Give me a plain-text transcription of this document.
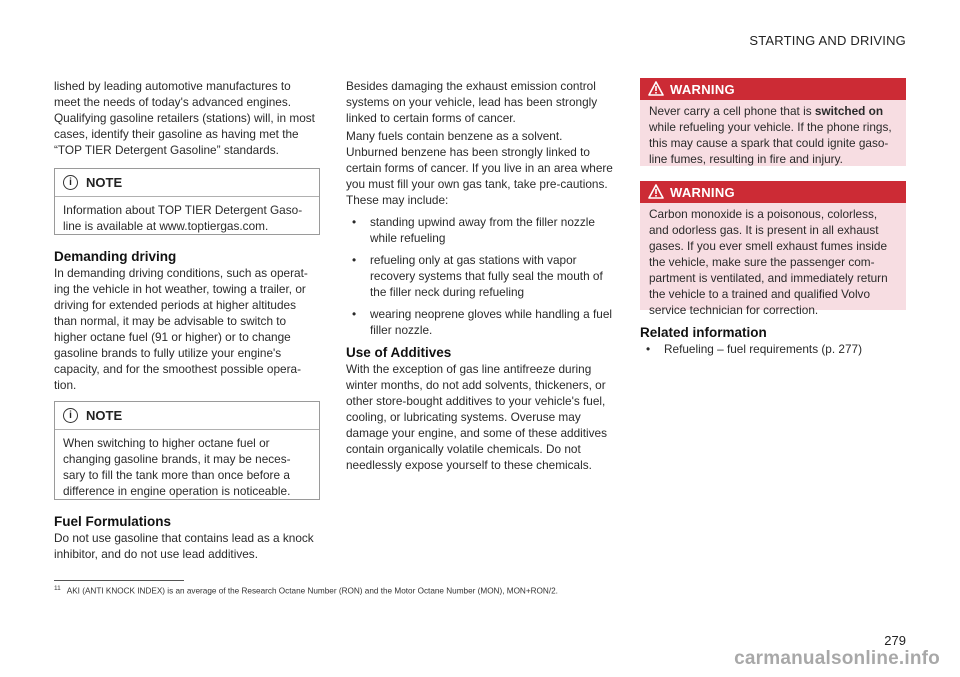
STARTING AND DRIVING

lished by leading automotive manufactures to meet the needs of today's advanced engines. Qualifying gasoline retailers (stations) will, in most cases, identify their gasoline as having met the “TOP TIER Detergent Gasoline” standards.

i	NOTE

Information about TOP TIER Detergent Gaso-line is available at www.toptiergas.com.

Demanding driving

In demanding driving conditions, such as operat-ing the vehicle in hot weather, towing a trailer, or driving for extended periods at higher altitudes than normal, it may be advisable to switch to higher octane fuel (91 or higher) or to change gasoline brands to fully utilize your engine's capacity, and for the smoothest possible opera-tion.

i	NOTE

When switching to higher octane fuel or changing gasoline brands, it may be neces-sary to fill the tank more than once before a difference in engine operation is noticeable.

Fuel Formulations

Do not use gasoline that contains lead as a knock inhibitor, and do not use lead additives.

Besides damaging the exhaust emission control systems on your vehicle, lead has been strongly linked to certain forms of cancer.

Many fuels contain benzene as a solvent. Unburned benzene has been strongly linked to certain forms of cancer. If you live in an area where you must fill your own gas tank, take pre-cautions. These may include:

• standing upwind away from the filler nozzle while refueling
• refueling only at gas stations with vapor recovery systems that fully seal the mouth of the filler neck during refueling
• wearing neoprene gloves while handling a fuel filler nozzle.
Use of Additives

With the exception of gas line antifreeze during winter months, do not add solvents, thickeners, or other store-bought additives to your vehicle's fuel, cooling, or lubricating systems. Overuse may damage your engine, and some of these additives contain organically volatile chemicals. Do not needlessly expose yourself to these chemicals.

WARNING

Never carry a cell phone that is switched on while refueling your vehicle. If the phone rings, this may cause a spark that could ignite gaso-line fumes, resulting in fire and injury.

WARNING

Carbon monoxide is a poisonous, colorless, and odorless gas. It is present in all exhaust gases. If you ever smell exhaust fumes inside the vehicle, make sure the passenger com-partment is ventilated, and immediately return the vehicle to a trained and qualified Volvo service technician for correction.

Related information
• Refueling – fuel requirements (p. 277)
$^{11}$ AKI (ANTI KNOCK INDEX) is an average of the Research Octane Number (RON) and the Motor Octane Number (MON), MON+RON/2.
279
carmanualsonline.info
